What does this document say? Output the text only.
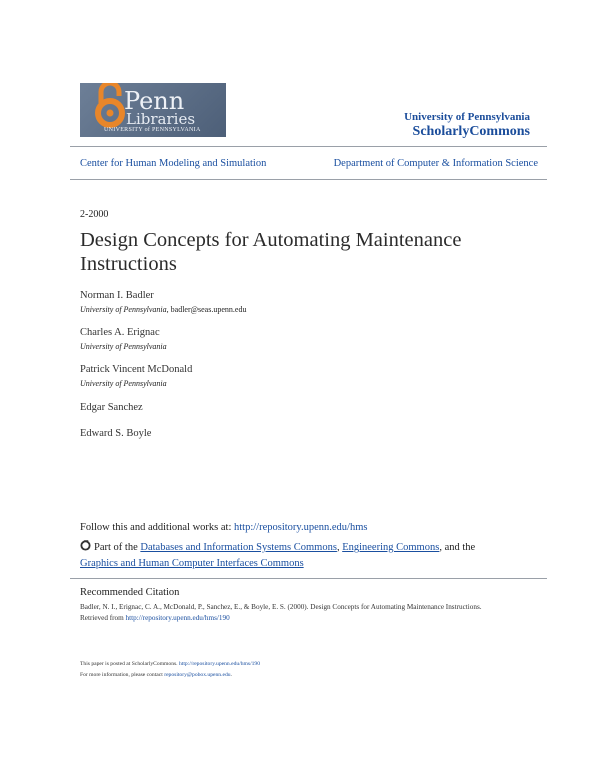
Penn
Libraries
UNIVERSITY of PENNSYLVANIA
University of Pennsylvania
ScholarlyCommons
Center for Human Modeling and Simulation	Department of Computer & Information Science
2-2000
Design Concepts for Automating Maintenance Instructions
Norman I. Badler
University of Pennsylvania, badler@seas.upenn.edu
Charles A. Erignac
University of Pennsylvania
Patrick Vincent McDonald
University of Pennsylvania
Edgar Sanchez
Edward S. Boyle
Follow this and additional works at: http://repository.upenn.edu/hms
Part of the Databases and Information Systems Commons, Engineering Commons, and the
Graphics and Human Computer Interfaces Commons
Recommended Citation
Badler, N. I., Erignac, C. A., McDonald, P., Sanchez, E., & Boyle, E. S. (2000). Design Concepts for Automating Maintenance Instructions. Retrieved from http://repository.upenn.edu/hms/190
This paper is posted at ScholarlyCommons. http://repository.upenn.edu/hms/190
For more information, please contact repository@pobox.upenn.edu.
